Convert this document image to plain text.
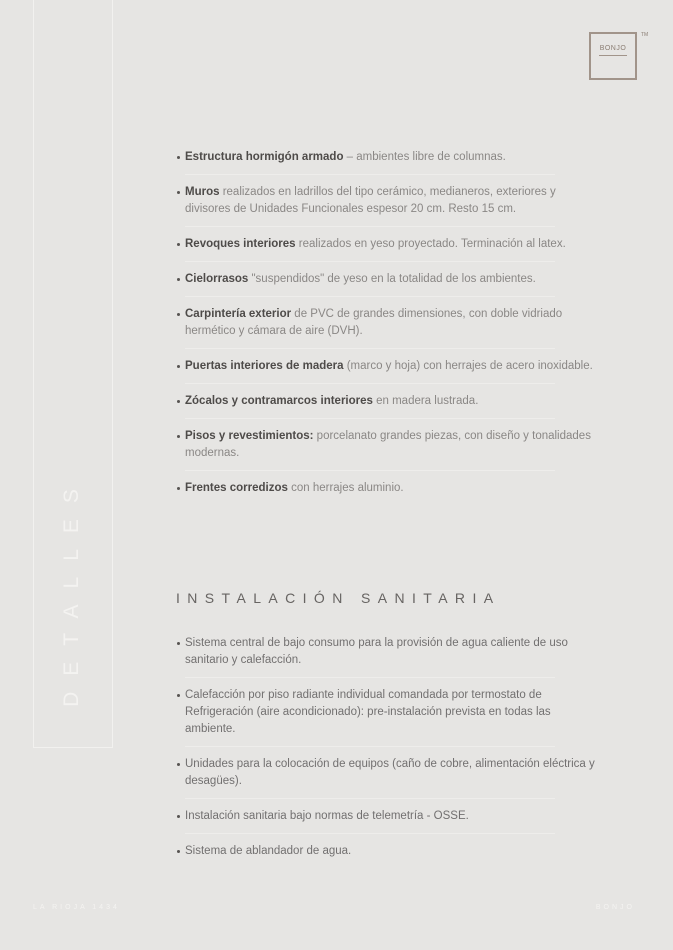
DETALLES
BONJO
TM
Estructura hormigón armado – ambientes libre de columnas.
Muros realizados en ladrillos del tipo cerámico, medianeros, exteriores y divisores de Unidades Funcionales espesor 20 cm. Resto 15 cm.
Revoques interiores realizados en yeso proyectado. Terminación al latex.
Cielorrasos "suspendidos" de yeso en la totalidad de los ambientes.
Carpintería exterior de PVC de grandes dimensiones, con doble vidriado hermético y cámara de aire (DVH).
Puertas interiores de madera (marco y hoja) con herrajes de acero inoxidable.
Zócalos y contramarcos interiores en madera lustrada.
Pisos y revestimientos: porcelanato grandes piezas, con diseño y tonalidades modernas.
Frentes corredizos con herrajes aluminio.
INSTALACIÓN SANITARIA
Sistema central de bajo consumo para la provisión de agua caliente de uso sanitario y calefacción.
Calefacción por piso radiante individual comandada por termostato de Refrigeración (aire acondicionado): pre-instalación prevista en todas las ambiente.
Unidades para la colocación de equipos (caño de cobre, alimentación eléctrica y desagües).
Instalación sanitaria bajo normas de telemetría - OSSE.
Sistema de ablandador de agua.
LA RIOJA 1434	BONJO
